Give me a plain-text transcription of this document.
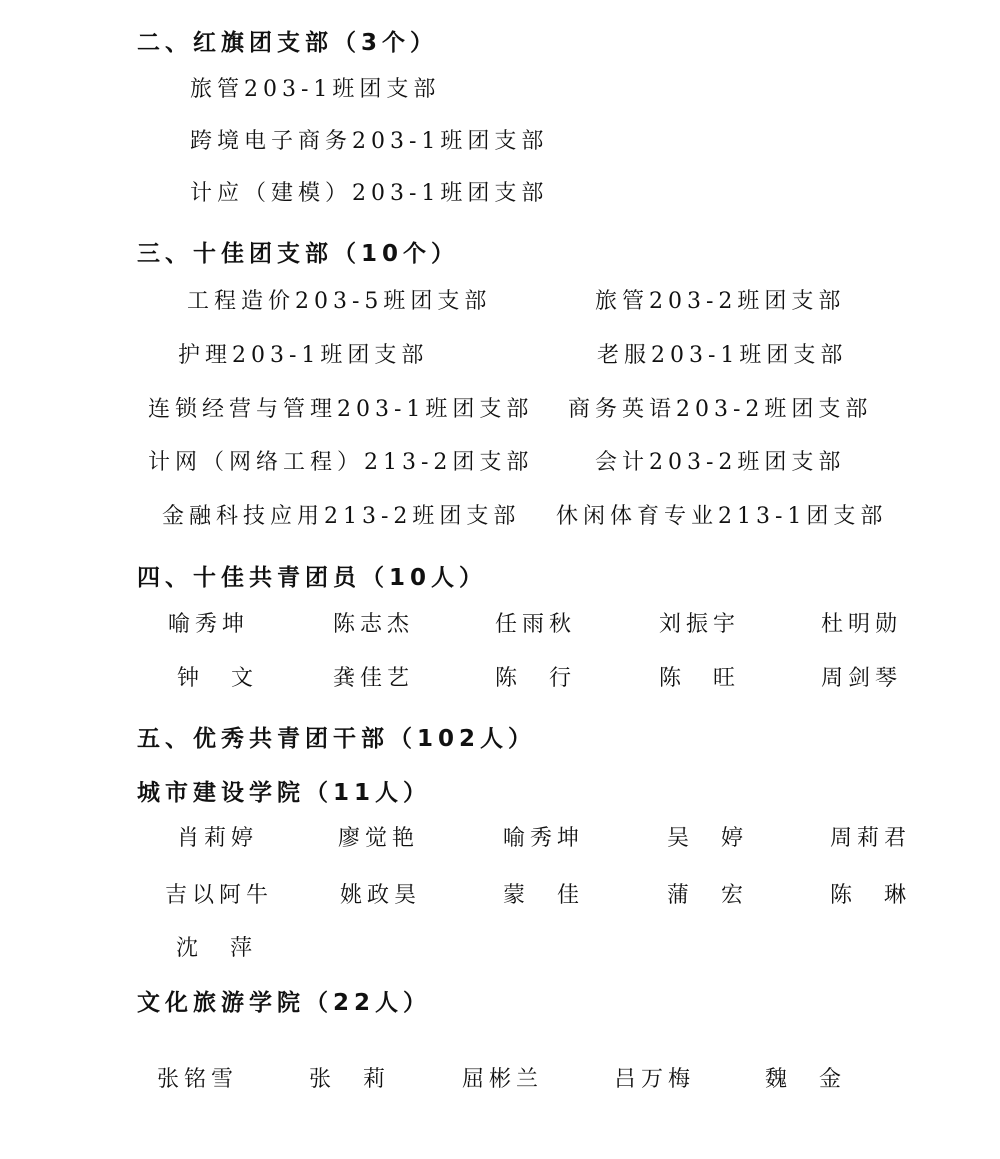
二、红旗团支部（3个）
旅管203-1班团支部
跨境电子商务203-1班团支部
计应（建模）203-1班团支部
三、十佳团支部（10个）
工程造价203-5班团支部	旅管203-2班团支部
护理203-1班团支部	老服203-1班团支部
连锁经营与管理203-1班团支部 商务英语203-2班团支部
计网（网络工程）213-2团支部	会计203-2班团支部
金融科技应用213-2班团支部 休闲体育专业213-1团支部
四、十佳共青团员（10人）
喻秀坤	陈志杰	任雨秋	刘振宇	杜明勋
钟　文	龚佳艺	陈　行	陈　旺	周剑琴
五、优秀共青团干部（102人）
城市建设学院（11人）
肖莉婷	廖觉艳	喻秀坤	吴　婷	周莉君
吉以阿牛	姚政昊	蒙　佳	蒲　宏	陈　琳
沈　萍
文化旅游学院（22人）
张铭雪	张　莉	屈彬兰	吕万梅	魏　金
